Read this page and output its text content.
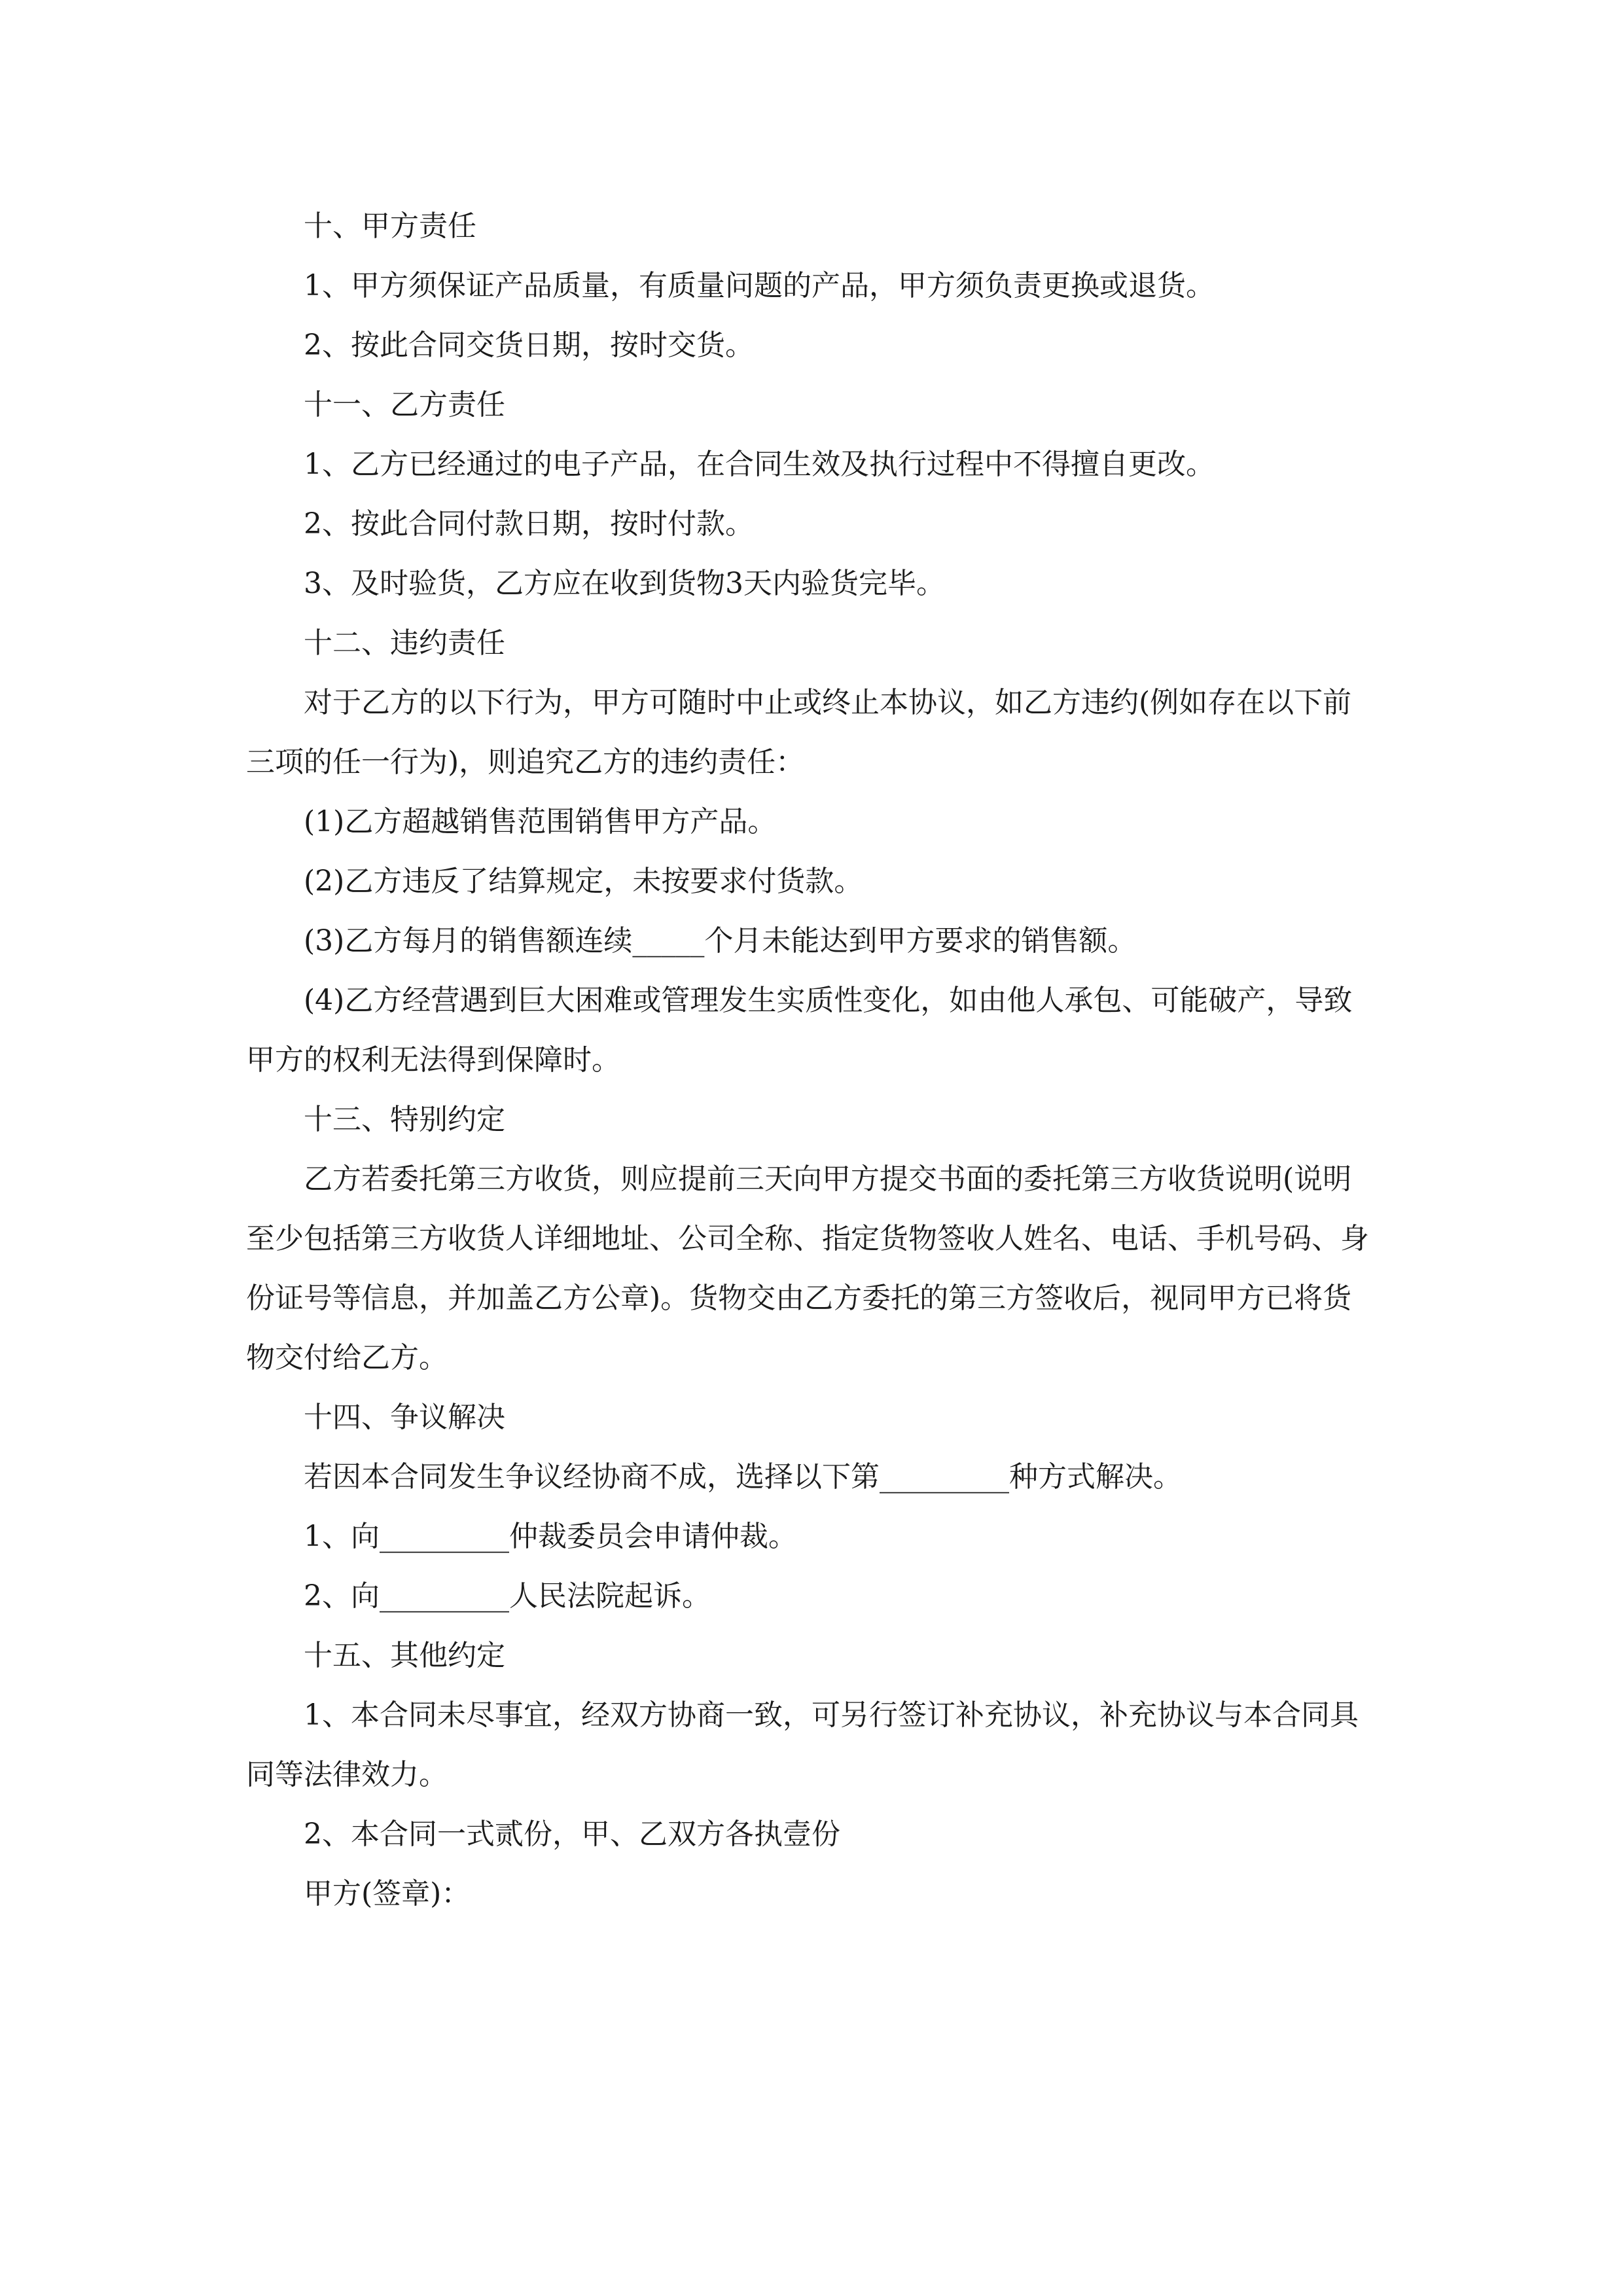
十、甲方责任

1、甲方须保证产品质量，有质量问题的产品，甲方须负责更换或退货。

2、按此合同交货日期，按时交货。

十一、乙方责任

1、乙方已经通过的电子产品，在合同生效及执行过程中不得擅自更改。

2、按此合同付款日期，按时付款。

3、及时验货，乙方应在收到货物3天内验货完毕。

十二、违约责任

对于乙方的以下行为，甲方可随时中止或终止本协议，如乙方违约(例如存在以下前三项的任一行为)，则追究乙方的违约责任：

(1)乙方超越销售范围销售甲方产品。

(2)乙方违反了结算规定，未按要求付货款。

(3)乙方每月的销售额连续_____个月未能达到甲方要求的销售额。

(4)乙方经营遇到巨大困难或管理发生实质性变化，如由他人承包、可能破产，导致甲方的权利无法得到保障时。

十三、特别约定

乙方若委托第三方收货，则应提前三天向甲方提交书面的委托第三方收货说明(说明至少包括第三方收货人详细地址、公司全称、指定货物签收人姓名、电话、手机号码、身份证号等信息，并加盖乙方公章)。货物交由乙方委托的第三方签收后，视同甲方已将货物交付给乙方。

十四、争议解决

若因本合同发生争议经协商不成，选择以下第_________种方式解决。

1、向_________仲裁委员会申请仲裁。

2、向_________人民法院起诉。

十五、其他约定

1、本合同未尽事宜，经双方协商一致，可另行签订补充协议，补充协议与本合同具同等法律效力。

2、本合同一式贰份，甲、乙双方各执壹份

甲方(签章)：
